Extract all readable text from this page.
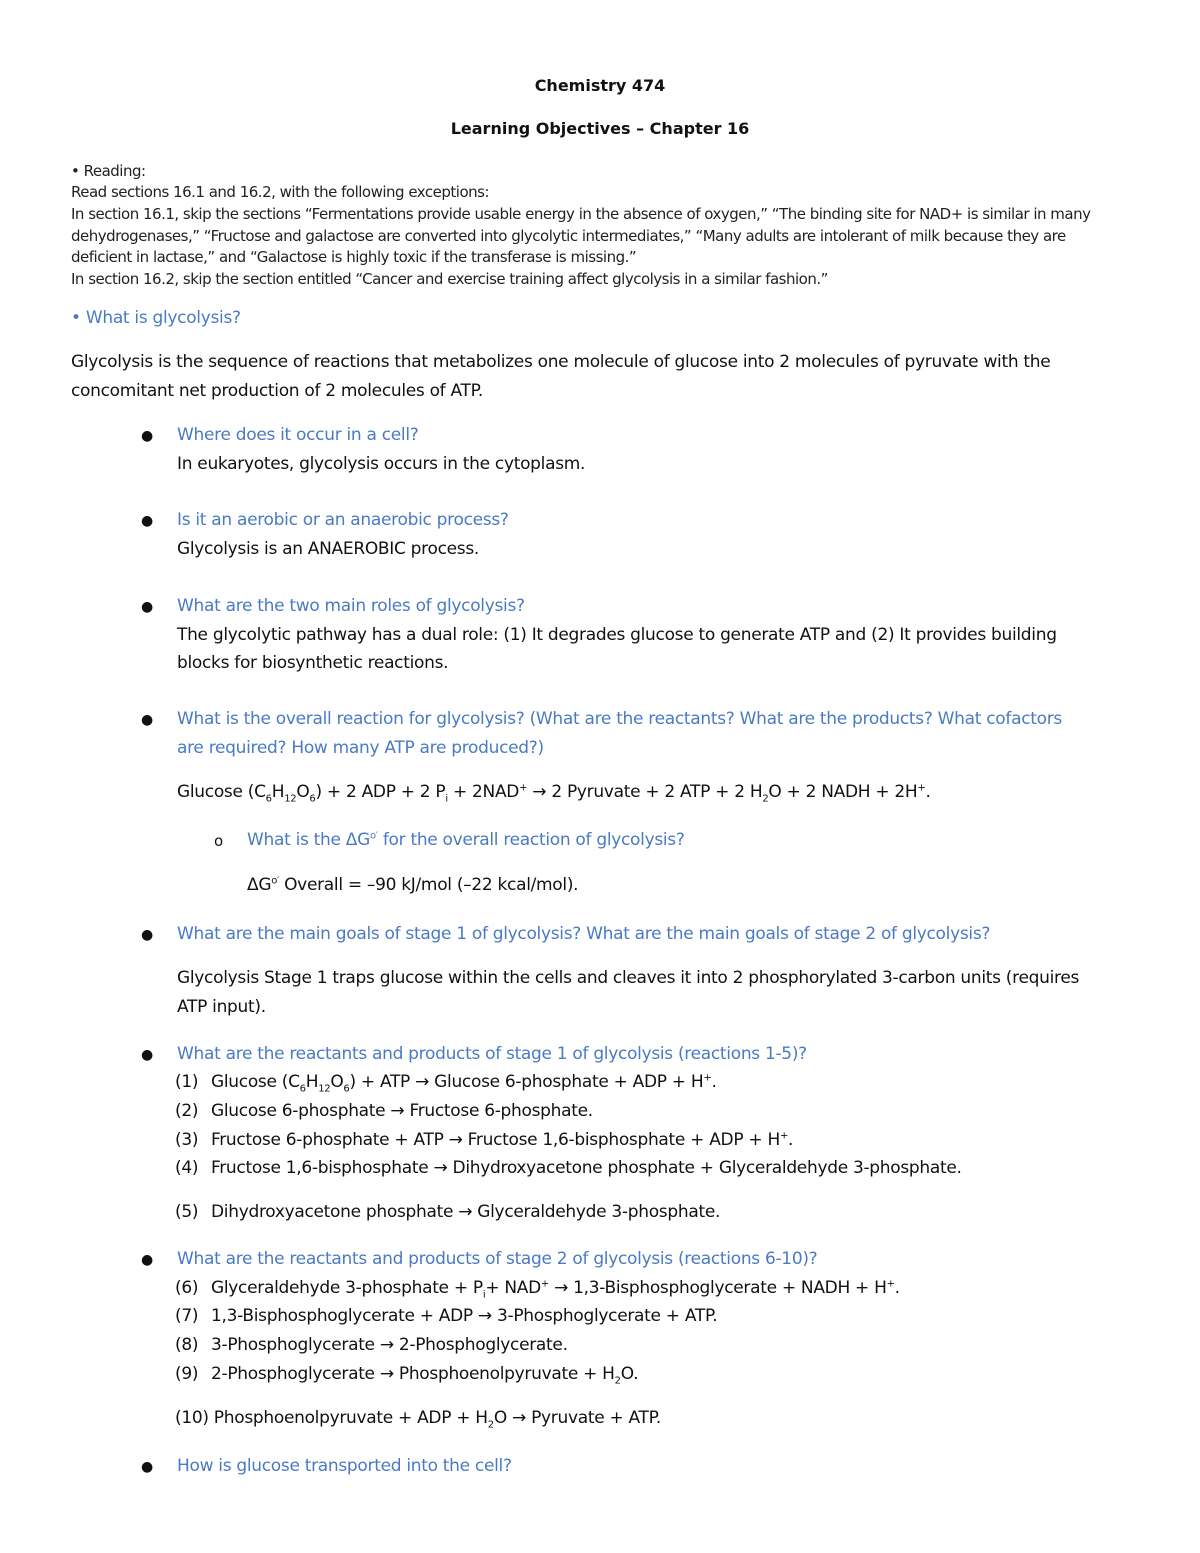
Chemistry 474
Learning Objectives – Chapter 16
• Reading:
Read sections 16.1 and 16.2, with the following exceptions:
In section 16.1, skip the sections “Fermentations provide usable energy in the absence of oxygen,” “The binding site for NAD+ is similar in many
dehydrogenases,” “Fructose and galactose are converted into glycolytic intermediates,” “Many adults are intolerant of milk because they are
deficient in lactase,” and “Galactose is highly toxic if the transferase is missing.”
In section 16.2, skip the section entitled “Cancer and exercise training affect glycolysis in a similar fashion.”
• What is glycolysis?
Glycolysis is the sequence of reactions that metabolizes one molecule of glucose into 2 molecules of pyruvate with the
concomitant net production of 2 molecules of ATP.
● Where does it occur in a cell?
In eukaryotes, glycolysis occurs in the cytoplasm.
● Is it an aerobic or an anaerobic process?
Glycolysis is an ANAEROBIC process.
● What are the two main roles of glycolysis?
The glycolytic pathway has a dual role: (1) It degrades glucose to generate ATP and (2) It provides building
blocks for biosynthetic reactions.
● What is the overall reaction for glycolysis? (What are the reactants? What are the products? What cofactors
are required? How many ATP are produced?)
Glucose $(C_6H_{12}O_6) + 2$ ADP + 2 $P_i + 2NAD^+ \to 2$ Pyruvate + 2 ATP + 2 $H_2O + 2$ NADH + 2H+.
o What is the $\Delta G^{o'}$ for the overall reaction of glycolysis?
$\Delta G^{o'}$ Overall = –90 kJ/mol (–22 kcal/mol).
● What are the main goals of stage 1 of glycolysis? What are the main goals of stage 2 of glycolysis?
Glycolysis Stage 1 traps glucose within the cells and cleaves it into 2 phosphorylated 3-carbon units (requires
ATP input).
● What are the reactants and products of stage 1 of glycolysis (reactions 1-5)?
(1) Glucose $(C_6H_{12}O_6)$ + ATP → Glucose 6-phosphate + ADP + H+.
(2) Glucose 6-phosphate → Fructose 6-phosphate.
(3) Fructose 6-phosphate + ATP → Fructose 1,6-bisphosphate + ADP + H+.
(4) Fructose 1,6-bisphosphate → Dihydroxyacetone phosphate + Glyceraldehyde 3-phosphate.
(5) Dihydroxyacetone phosphate → Glyceraldehyde 3-phosphate.
● What are the reactants and products of stage 2 of glycolysis (reactions 6-10)?
(6) Glyceraldehyde 3-phosphate + $P_i+ NAD^+$ → 1,3-Bisphosphoglycerate + NADH + H+.
(7) 1,3-Bisphosphoglycerate + ADP → 3-Phosphoglycerate + ATP.
(8) 3-Phosphoglycerate → 2-Phosphoglycerate.
(9) 2-Phosphoglycerate → Phosphoenolpyruvate + $H_2O$.
(10) Phosphoenolpyruvate + ADP + $H_2O$ → Pyruvate + ATP.
● How is glucose transported into the cell?
